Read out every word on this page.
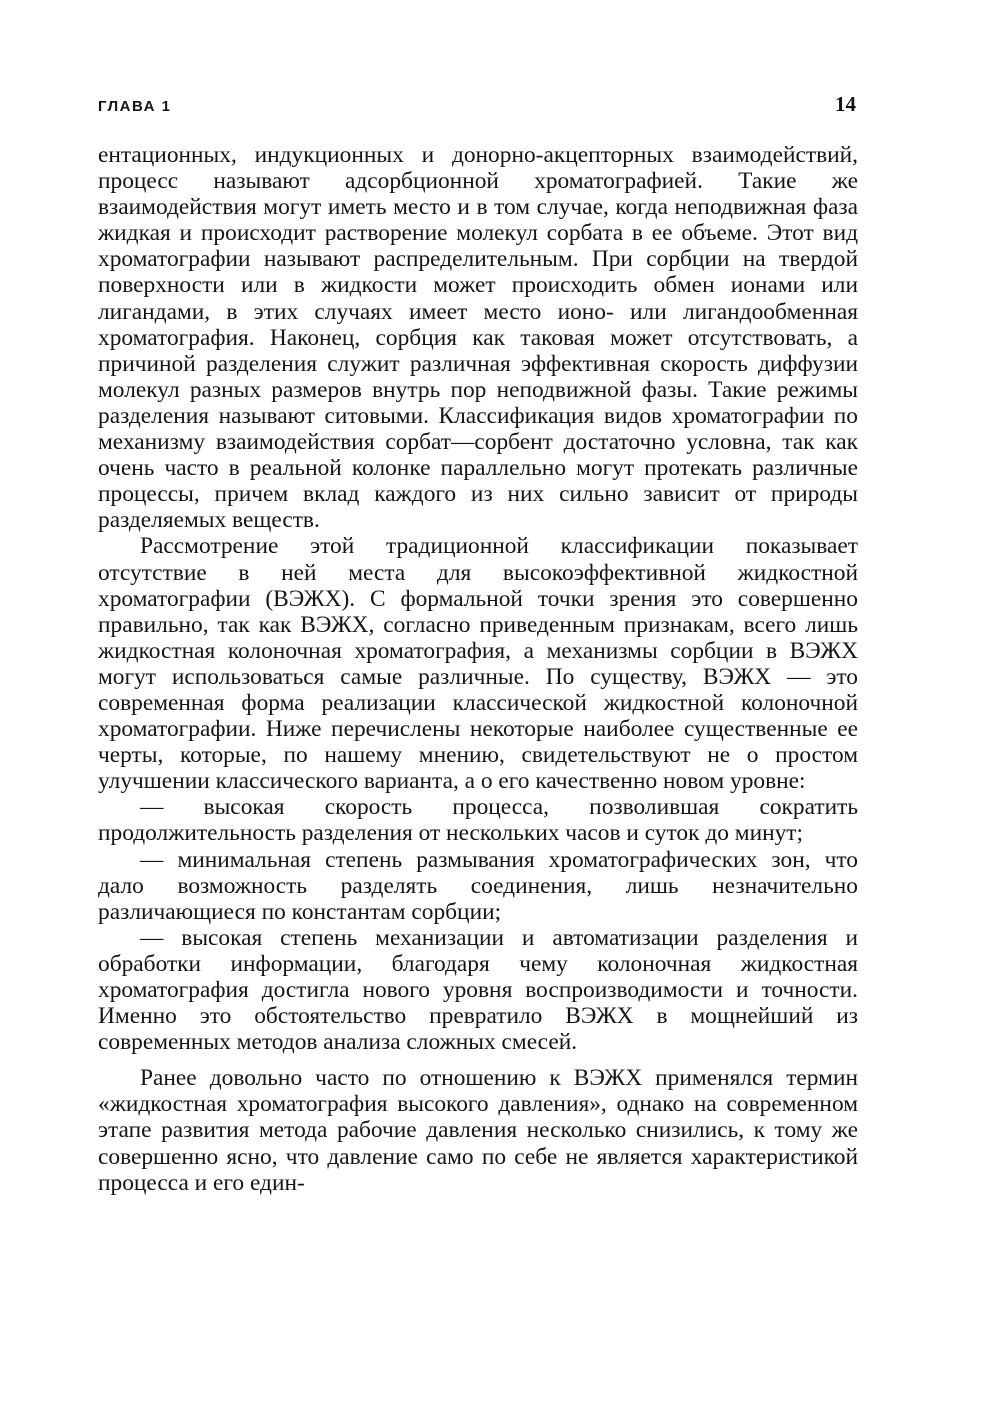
ГЛАВА 1	14

ентационных, индукционных и донорно-акцепторных взаимодействий, процесс называют адсорбционной хроматографией. Такие же взаимодействия могут иметь место и в том случае, когда неподвижная фаза жидкая и происходит растворение молекул сорбата в ее объеме. Этот вид хроматографии называют распределительным. При сорбции на твердой поверхности или в жидкости может происходить обмен ионами или лигандами, в этих случаях имеет место ионо- или лигандообменная хроматография. Наконец, сорбция как таковая может отсутствовать, а причиной разделения служит различная эффективная скорость диффузии молекул разных размеров внутрь пор неподвижной фазы. Такие режимы разделения называют ситовыми. Классификация видов хроматографии по механизму взаимодействия сорбат—сорбент достаточно условна, так как очень часто в реальной колонке параллельно могут протекать различные процессы, причем вклад каждого из них сильно зависит от природы разделяемых веществ.

Рассмотрение этой традиционной классификации показывает отсутствие в ней места для высокоэффективной жидкостной хроматографии (ВЭЖХ). С формальной точки зрения это совершенно правильно, так как ВЭЖХ, согласно приведенным признакам, всего лишь жидкостная колоночная хроматография, а механизмы сорбции в ВЭЖХ могут использоваться самые различные. По существу, ВЭЖХ — это современная форма реализации классической жидкостной колоночной хроматографии. Ниже перечислены некоторые наиболее существенные ее черты, которые, по нашему мнению, свидетельствуют не о простом улучшении классического варианта, а о его качественно новом уровне:

— высокая скорость процесса, позволившая сократить продолжительность разделения от нескольких часов и суток до минут;

— минимальная степень размывания хроматографических зон, что дало возможность разделять соединения, лишь незначительно различающиеся по константам сорбции;

— высокая степень механизации и автоматизации разделения и обработки информации, благодаря чему колоночная жидкостная хроматография достигла нового уровня воспроизводимости и точности. Именно это обстоятельство превратило ВЭЖХ в мощнейший из современных методов анализа сложных смесей.

Ранее довольно часто по отношению к ВЭЖХ применялся термин «жидкостная хроматография высокого давления», однако на современном этапе развития метода рабочие давления несколько снизились, к тому же совершенно ясно, что давление само по себе не является характеристикой процесса и его един-
